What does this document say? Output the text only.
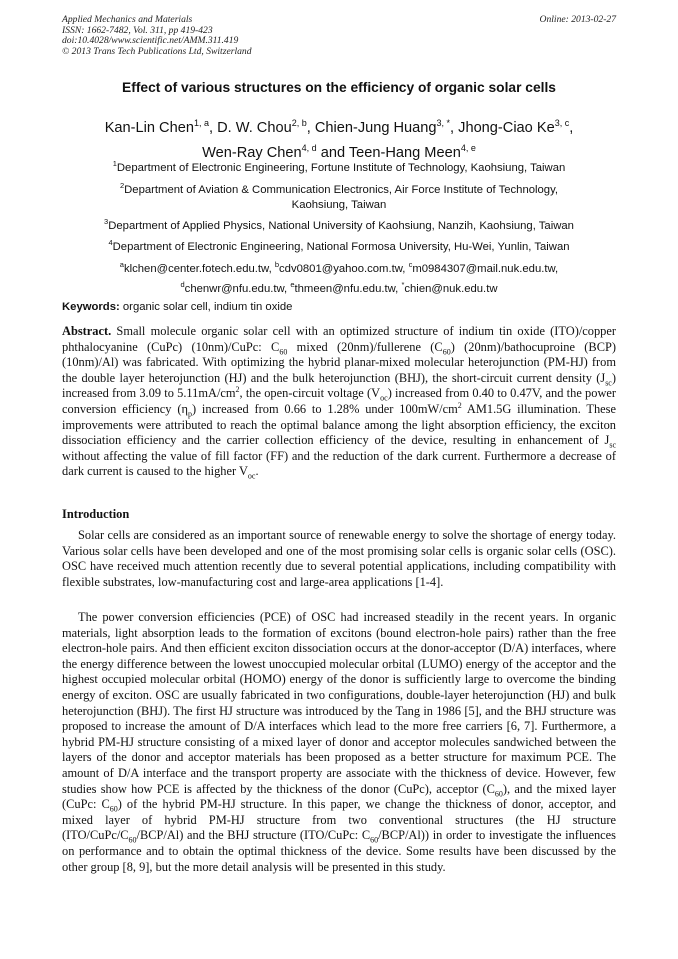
Applied Mechanics and Materials
ISSN: 1662-7482, Vol. 311, pp 419-423
doi:10.4028/www.scientific.net/AMM.311.419
© 2013 Trans Tech Publications Ltd, Switzerland
Online: 2013-02-27
Effect of various structures on the efficiency of organic solar cells
Kan-Lin Chen$^{1, a}$, D. W. Chou$^{2, b}$, Chien-Jung Huang$^{3, *}$, Jhong-Ciao Ke$^{3, c}$,
Wen-Ray Chen$^{4, d}$ and Teen-Hang Meen$^{4, e}$
$^1$Department of Electronic Engineering, Fortune Institute of Technology, Kaohsiung, Taiwan
$^2$Department of Aviation & Communication Electronics, Air Force Institute of Technology,
Kaohsiung, Taiwan
$^3$Department of Applied Physics, National University of Kaohsiung, Nanzih, Kaohsiung, Taiwan
$^4$Department of Electronic Engineering, National Formosa University, Hu-Wei, Yunlin, Taiwan
$^a$klchen@center.fotech.edu.tw, $^b$cdv0801@yahoo.com.tw, $^c$m0984307@mail.nuk.edu.tw,
$^d$chenwr@nfu.edu.tw, $^e$thmeen@nfu.edu.tw, *chien@nuk.edu.tw
Keywords: organic solar cell, indium tin oxide

Abstract. Small molecule organic solar cell with an optimized structure of indium tin oxide (ITO)/copper phthalocyanine (CuPc) (10nm)/CuPc: $C_{60}$ mixed (20nm)/fullerene $(C_{60})$ (20nm)/bathocuproine (BCP) (10nm)/Al) was fabricated. With optimizing the hybrid planar-mixed molecular heterojunction (PM-HJ) from the double layer heterojunction (HJ) and the bulk heterojunction (BHJ), the short-circuit current density $(J_{sc})$ increased from 3.09 to $5.11mA/cm^2$, the open-circuit voltage $(V_{oc})$ increased from 0.40 to 0.47V, and the power conversion efficiency $(\eta_p)$ increased from 0.66 to 1.28% under $100mW/cm^2$ AM1.5G illumination. These improvements were attributed to reach the optimal balance among the light absorption efficiency, the exciton dissociation efficiency and the carrier collection efficiency of the device, resulting in enhancement of $J_{sc}$ without affecting the value of fill factor (FF) and the reduction of the dark current. Furthermore a decrease of dark current is caused to the higher $V_{oc}$.

Introduction

Solar cells are considered as an important source of renewable energy to solve the shortage of energy today. Various solar cells have been developed and one of the most promising solar cells is organic solar cells (OSC). OSC have received much attention recently due to several potential applications, including compatibility with flexible substrates, low-manufacturing cost and large-area applications [1-4].

The power conversion efficiencies (PCE) of OSC had increased steadily in the recent years. In organic materials, light absorption leads to the formation of excitons (bound electron-hole pairs) rather than the free electron-hole pairs. And then efficient exciton dissociation occurs at the donor-acceptor (D/A) interfaces, where the energy difference between the lowest unoccupied molecular orbital (LUMO) energy of the acceptor and the highest occupied molecular orbital (HOMO) energy of the donor is sufficiently large to overcome the binding energy of exciton. OSC are usually fabricated in two configurations, double-layer heterojunction (HJ) and bulk heterojunction (BHJ). The first HJ structure was introduced by the Tang in 1986 [5], and the BHJ structure was proposed to increase the amount of D/A interfaces which lead to the more free carriers [6, 7]. Furthermore, a hybrid PM-HJ structure consisting of a mixed layer of donor and acceptor molecules sandwiched between the layers of the donor and acceptor materials has been proposed as a better structure for maximum PCE. The amount of D/A interface and the transport property are associate with the thickness of device. However, few studies show how PCE is affected by the thickness of the donor (CuPc), acceptor $(C_{60})$, and the mixed layer (CuPc: $C_{60}$) of the hybrid PM-HJ structure. In this paper, we change the thickness of donor, acceptor, and mixed layer of hybrid PM-HJ structure from two conventional structures (the HJ structure $(ITO/CuPc/C_{60}/BCP/Al)$ and the BHJ structure (ITO/CuPc: $C_{60}/BCP/Al$)) in order to investigate the influences on performance and to obtain the optimal thickness of the device. Some results have been discussed by the other group [8, 9], but the more detail analysis will be presented in this study.
